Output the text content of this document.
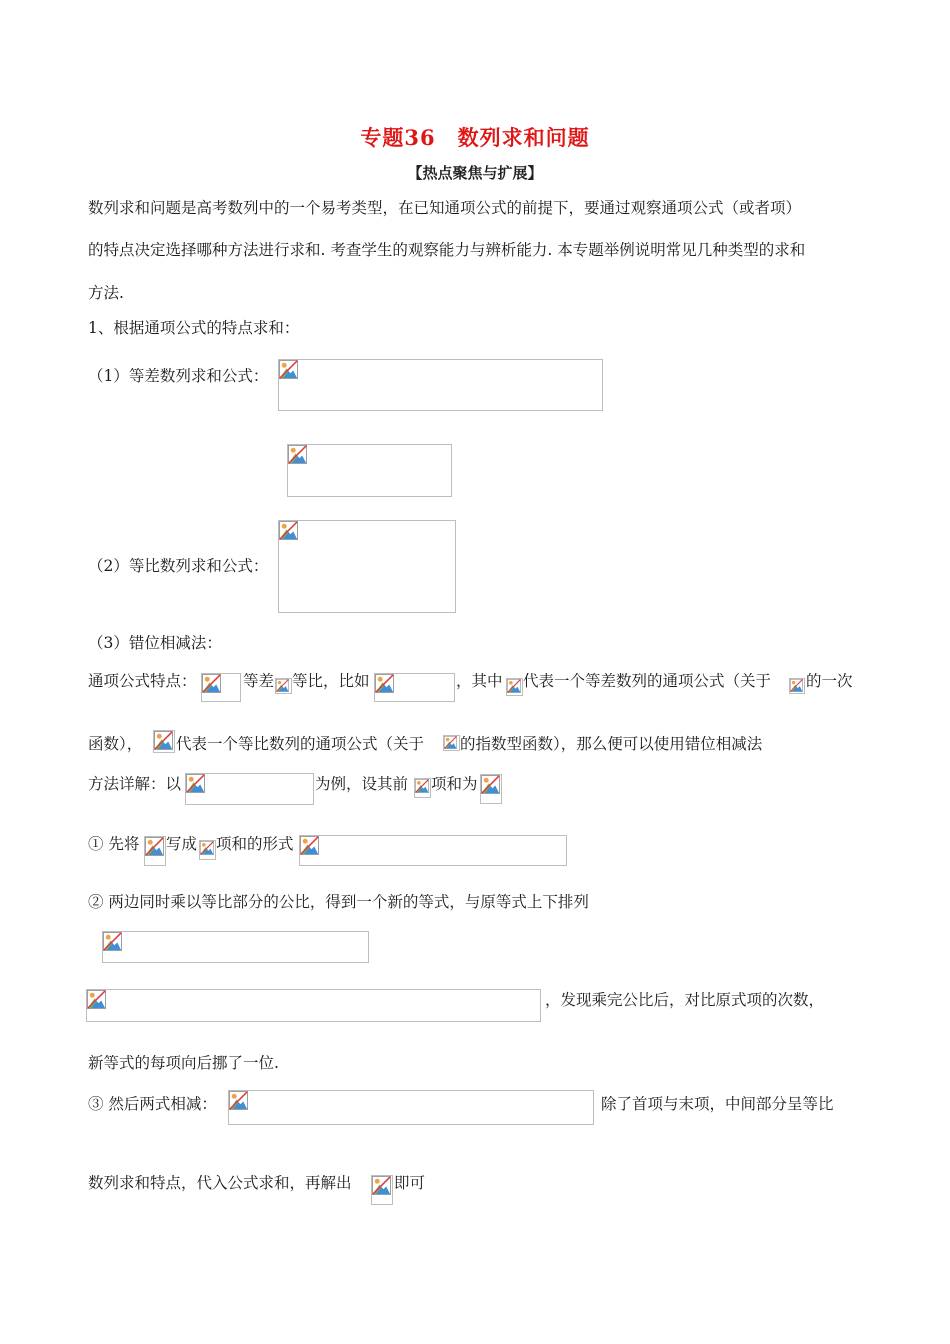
专题36　数列求和问题
【热点聚焦与扩展】
数列求和问题是高考数列中的一个易考类型，在已知通项公式的前提下，要通过观察通项公式（或者项）
的特点决定选择哪种方法进行求和. 考查学生的观察能力与辨析能力. 本专题举例说明常见几种类型的求和
方法.
1、根据通项公式的特点求和：
（1）等差数列求和公式：
（2）等比数列求和公式：
（3）错位相减法：
通项公式特点：	等差 等比，比如	，其中 代表一个等差数列的通项公式（关于 的一次
函数）， 代表一个等比数列的通项公式（关于 的指数型函数），那么便可以使用错位相减法
方法详解：以	为例，设其前 项和为
① 先将 写成 项和的形式
② 两边同时乘以等比部分的公比，得到一个新的等式，与原等式上下排列
，发现乘完公比后，对比原式项的次数，
新等式的每项向后挪了一位.
③ 然后两式相减：	除了首项与末项，中间部分呈等比
数列求和特点，代入公式求和，再解出	即可
